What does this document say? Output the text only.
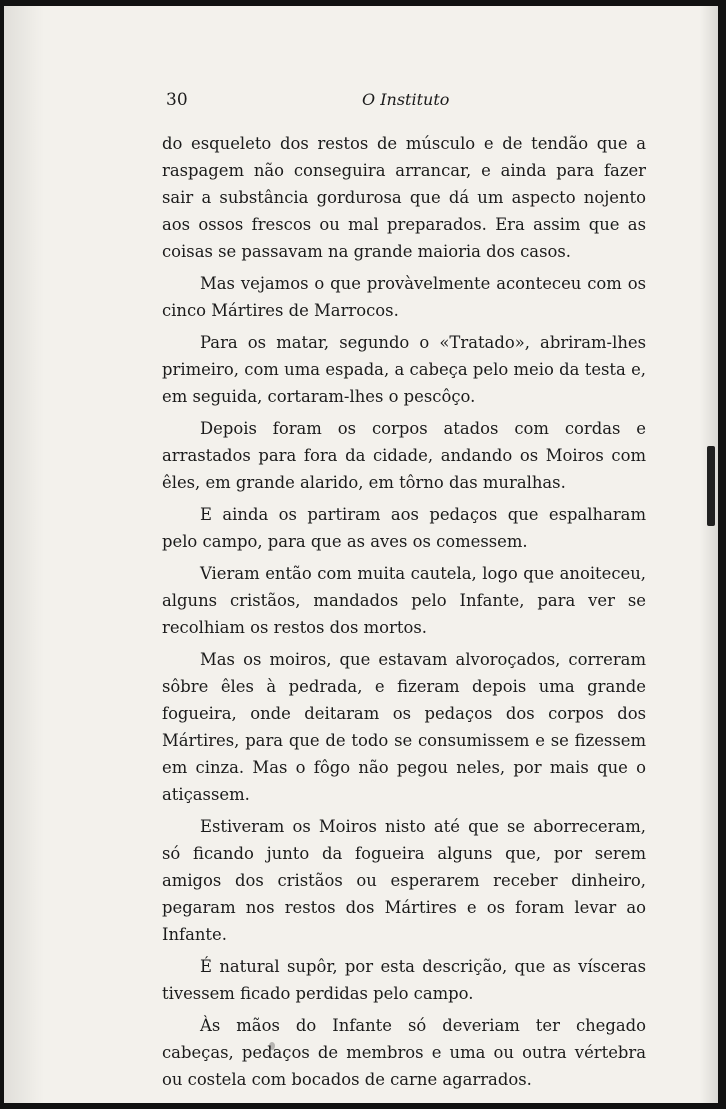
30	O Instituto

do esqueleto dos restos de músculo e de tendão que a raspagem não conseguira arrancar, e ainda para fazer sair a substância gordurosa que dá um aspecto nojento aos ossos frescos ou mal preparados. Era assim que as coisas se passavam na grande maioria dos casos.

Mas vejamos o que provàvelmente aconteceu com os cinco Mártires de Marrocos.

Para os matar, segundo o «Tratado», abriram-lhes primeiro, com uma espada, a cabeça pelo meio da testa e, em seguida, cortaram-lhes o pescôço.

Depois foram os corpos atados com cordas e arrastados para fora da cidade, andando os Moiros com êles, em grande alarido, em tôrno das muralhas.

E ainda os partiram aos pedaços que espalharam pelo campo, para que as aves os comessem.

Vieram então com muita cautela, logo que anoiteceu, alguns cristãos, mandados pelo Infante, para ver se recolhiam os restos dos mortos.

Mas os moiros, que estavam alvoroçados, correram sôbre êles à pedrada, e fizeram depois uma grande fogueira, onde deitaram os pedaços dos corpos dos Mártires, para que de todo se consumissem e se fizessem em cinza. Mas o fôgo não pegou neles, por mais que o atiçassem.

Estiveram os Moiros nisto até que se aborreceram, só ficando junto da fogueira alguns que, por serem amigos dos cristãos ou esperarem receber dinheiro, pegaram nos restos dos Mártires e os foram levar ao Infante.

É natural supôr, por esta descrição, que as vísceras tivessem ficado perdidas pelo campo.

Às mãos do Infante só deveriam ter chegado cabeças, pedaços de membros e uma ou outra vértebra ou costela com bocados de carne agarrados.
